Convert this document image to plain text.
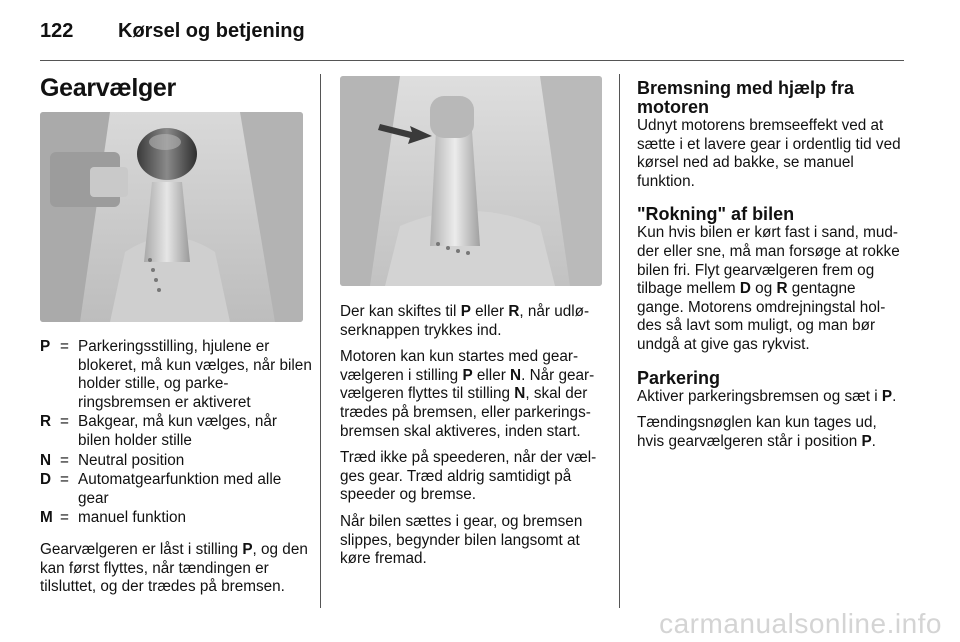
122 Kørsel og betjening
Gearvælger
P	=	Parkeringsstilling, hjulene er blokeret, må kun vælges, når bilen holder stille, og parkeringsbremsen er aktiveret
R	=	Bakgear, må kun vælges, når bilen holder stille
N	=	Neutral position
D	=	Automatgearfunktion med alle gear
M	=	manuel funktion

Gearvælgeren er låst i stilling P, og den kan først flyttes, når tændingen er tilsluttet, og der trædes på bremsen.

Der kan skiftes til P eller R, når udløserknappen trykkes ind.

Motoren kan kun startes med gearvælgeren i stilling P eller N. Når gearvælgeren flyttes til stilling N, skal der trædes på bremsen, eller parkeringsbremsen skal aktiveres, inden start.

Træd ikke på speederen, når der vælges gear. Træd aldrig samtidigt på speeder og bremse.

Når bilen sættes i gear, og bremsen slippes, begynder bilen langsomt at køre fremad.

Bremsning med hjælp fra motoren

Udnyt motorens bremseeffekt ved at sætte i et lavere gear i ordentlig tid ved kørsel ned ad bakke, se manuel funktion.

"Rokning" af bilen

Kun hvis bilen er kørt fast i sand, mudder eller sne, må man forsøge at rokke bilen fri. Flyt gearvælgeren frem og tilbage mellem D og R gentagne gange. Motorens omdrejningstal holdes så lavt som muligt, og man bør undgå at give gas rykvist.

Parkering

Aktiver parkeringsbremsen og sæt i P.

Tændingsnøglen kan kun tages ud, hvis gearvælgeren står i position P.

carmanualsonline.info
